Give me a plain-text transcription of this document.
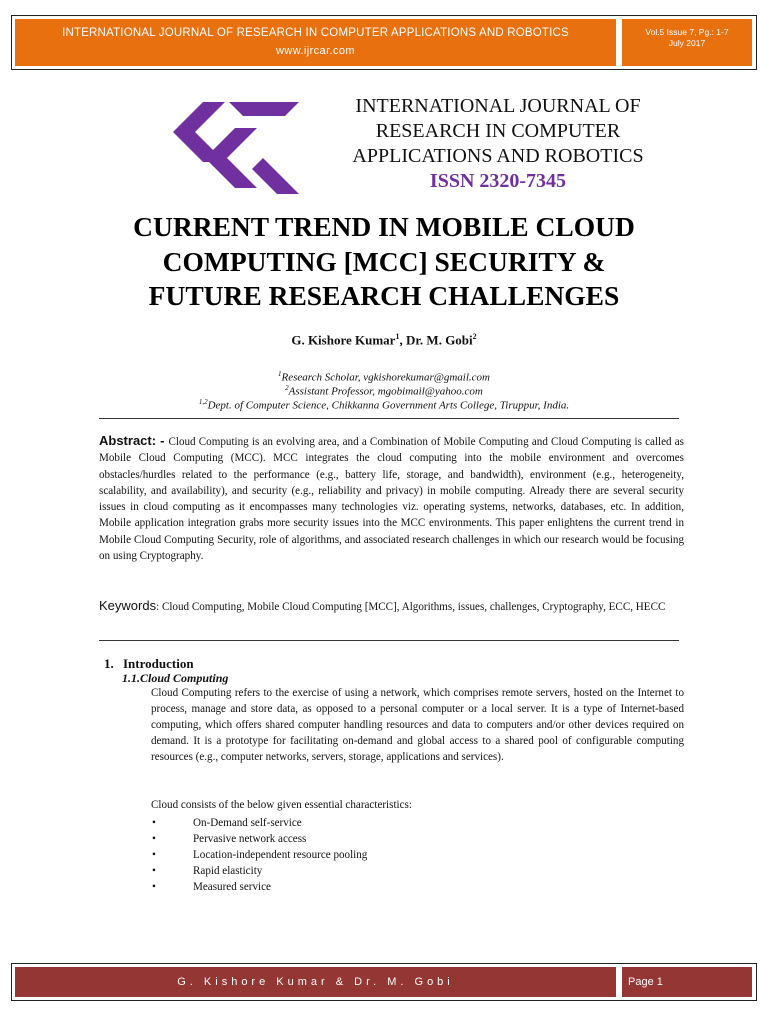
INTERNATIONAL JOURNAL OF RESEARCH IN COMPUTER APPLICATIONS AND ROBOTICS
www.ijrcar.com
Vol.5 Issue 7, Pg.: 1-7
July 2017
INTERNATIONAL JOURNAL OF
RESEARCH IN COMPUTER
APPLICATIONS AND ROBOTICS
ISSN 2320-7345
CURRENT TREND IN MOBILE CLOUD
COMPUTING [MCC] SECURITY &
FUTURE RESEARCH CHALLENGES
G. Kishore Kumar$^1$, Dr. M. Gobi$^2$
$^1$Research Scholar, vgkishorekumar@gmail.com
$^2$Assistant Professor, mgobimail@yahoo.com
$^{1,2}$Dept. of Computer Science, Chikkanna Government Arts College, Tiruppur, India.
Abstract: - Cloud Computing is an evolving area, and a Combination of Mobile Computing and Cloud Computing is called as Mobile Cloud Computing (MCC). MCC integrates the cloud computing into the mobile environment and overcomes obstacles/hurdles related to the performance (e.g., battery life, storage, and bandwidth), environment (e.g., heterogeneity, scalability, and availability), and security (e.g., reliability and privacy) in mobile computing. Already there are several security issues in cloud computing as it encompasses many technologies viz. operating systems, networks, databases, etc. In addition, Mobile application integration grabs more security issues into the MCC environments. This paper enlightens the current trend in Mobile Cloud Computing Security, role of algorithms, and associated research challenges in which our research would be focusing on using Cryptography.
Keywords: Cloud Computing, Mobile Cloud Computing [MCC], Algorithms, issues, challenges, Cryptography, ECC, HECC
1. Introduction
1.1.Cloud Computing
Cloud Computing refers to the exercise of using a network, which comprises remote servers, hosted on the Internet to process, manage and store data, as opposed to a personal computer or a local server. It is a type of Internet-based computing, which offers shared computer handling resources and data to computers and/or other devices required on demand. It is a prototype for facilitating on-demand and global access to a shared pool of configurable computing resources (e.g., computer networks, servers, storage, applications and services).
Cloud consists of the below given essential characteristics:
•	On-Demand self-service
•	Pervasive network access
•	Location-independent resource pooling
•	Rapid elasticity
•	Measured service
G. Kishore Kumar & Dr. M. Gobi	Page 1
